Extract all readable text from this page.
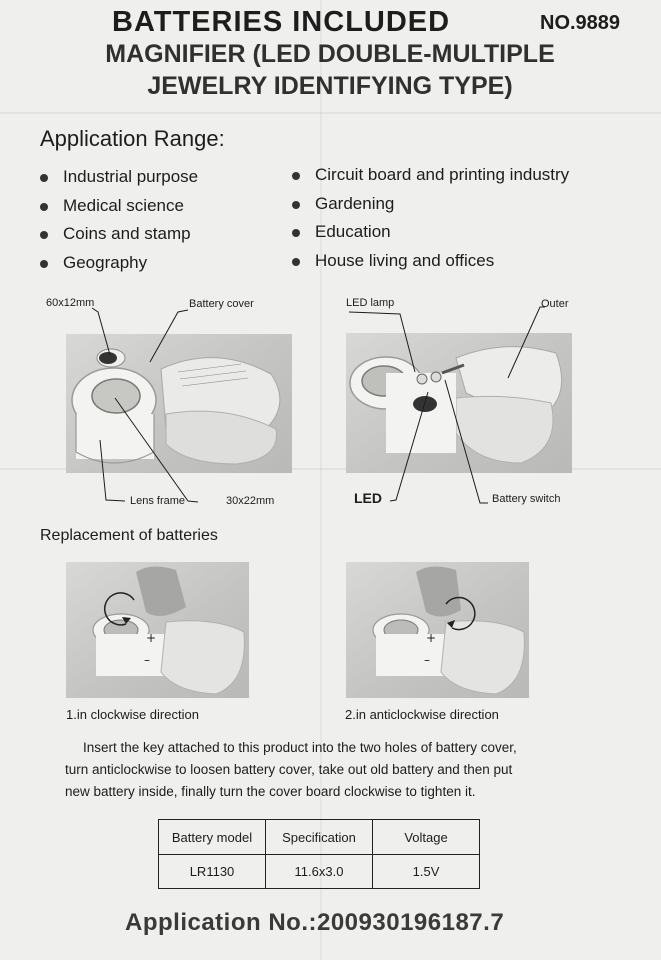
BATTERIES INCLUDED	NO.9889
MAGNIFIER (LED DOUBLE-MULTIPLE
JEWELRY IDENTIFYING TYPE)
Application Range:
Industrial purpose
Medical science
Coins and stamp
Geography
Circuit board and printing industry
Gardening
Education
House living and offices
60x12mm	Battery cover
Lens frame	30x22mm
LED lamp	Outer
LED	Battery switch
Replacement of batteries
+
–
+
–
1.in clockwise direction	2.in anticlockwise direction

Insert the key attached to this product into the two holes of battery cover,
turn anticlockwise to loosen battery cover, take out old battery and then put
new battery inside, finally turn the cover board clockwise to tighten it.

Battery model	Specification	Voltage
LR1130	11.6x3.0	1.5V
Application No.:200930196187.7
